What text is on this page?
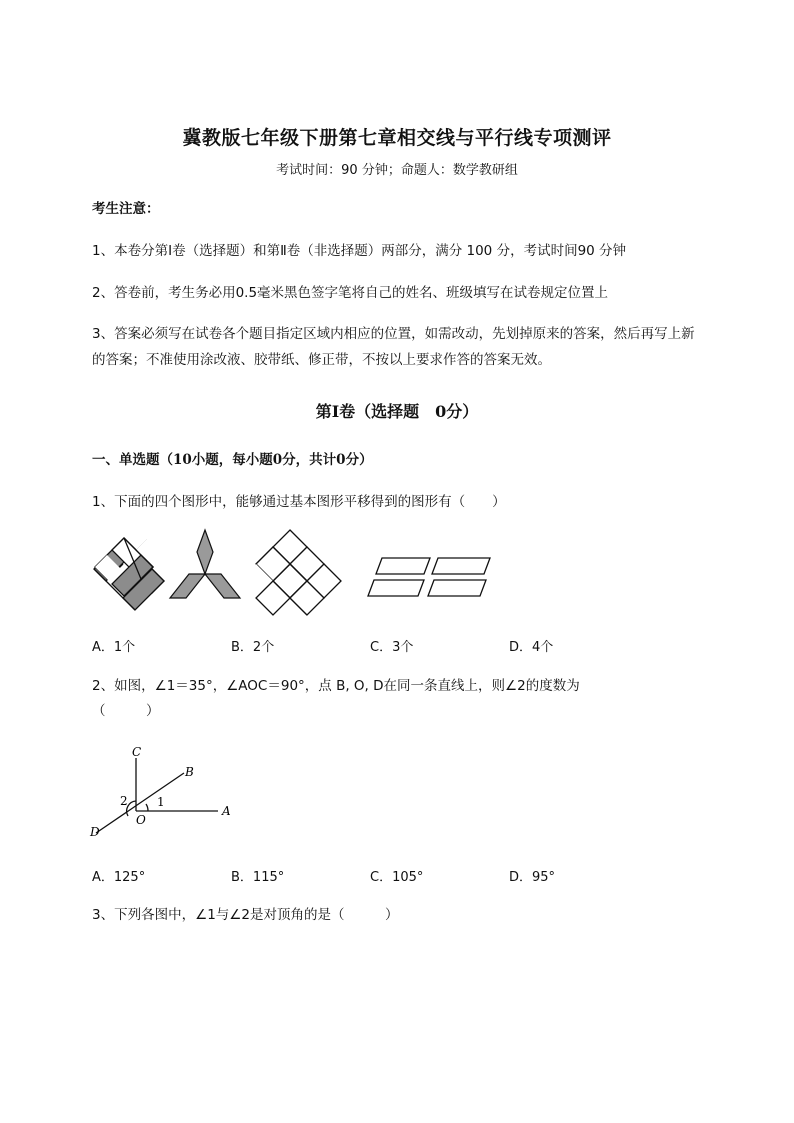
冀教版七年级下册第七章相交线与平行线专项测评
考试时间：90 分钟；命题人：数学教研组
考生注意：
1、本卷分第Ⅰ卷（选择题）和第Ⅱ卷（非选择题）两部分，满分 100 分，考试时间90 分钟
2、答卷前，考生务必用0.5毫米黑色签字笔将自己的姓名、班级填写在试卷规定位置上
3、答案必须写在试卷各个题目指定区域内相应的位置，如需改动，先划掉原来的答案，然后再写上新
的答案；不准使用涂改液、胶带纸、修正带，不按以上要求作答的答案无效。
第Ⅰ卷（选择题　0分）
一、单选题（10小题，每小题0分，共计0分）
1、下面的四个图形中，能够通过基本图形平移得到的图形有（　　）
A．1个	B．2个	C．3个	D．4个
2、如图，∠1＝35°，∠AOC＝90°，点 B, O, D在同一条直线上，则∠2的度数为
（　　　）
C
B
A
D
O
1
2
A．125°	B．115°	C．105°	D．95°
3、下列各图中，∠1与∠2是对顶角的是（　　　）
